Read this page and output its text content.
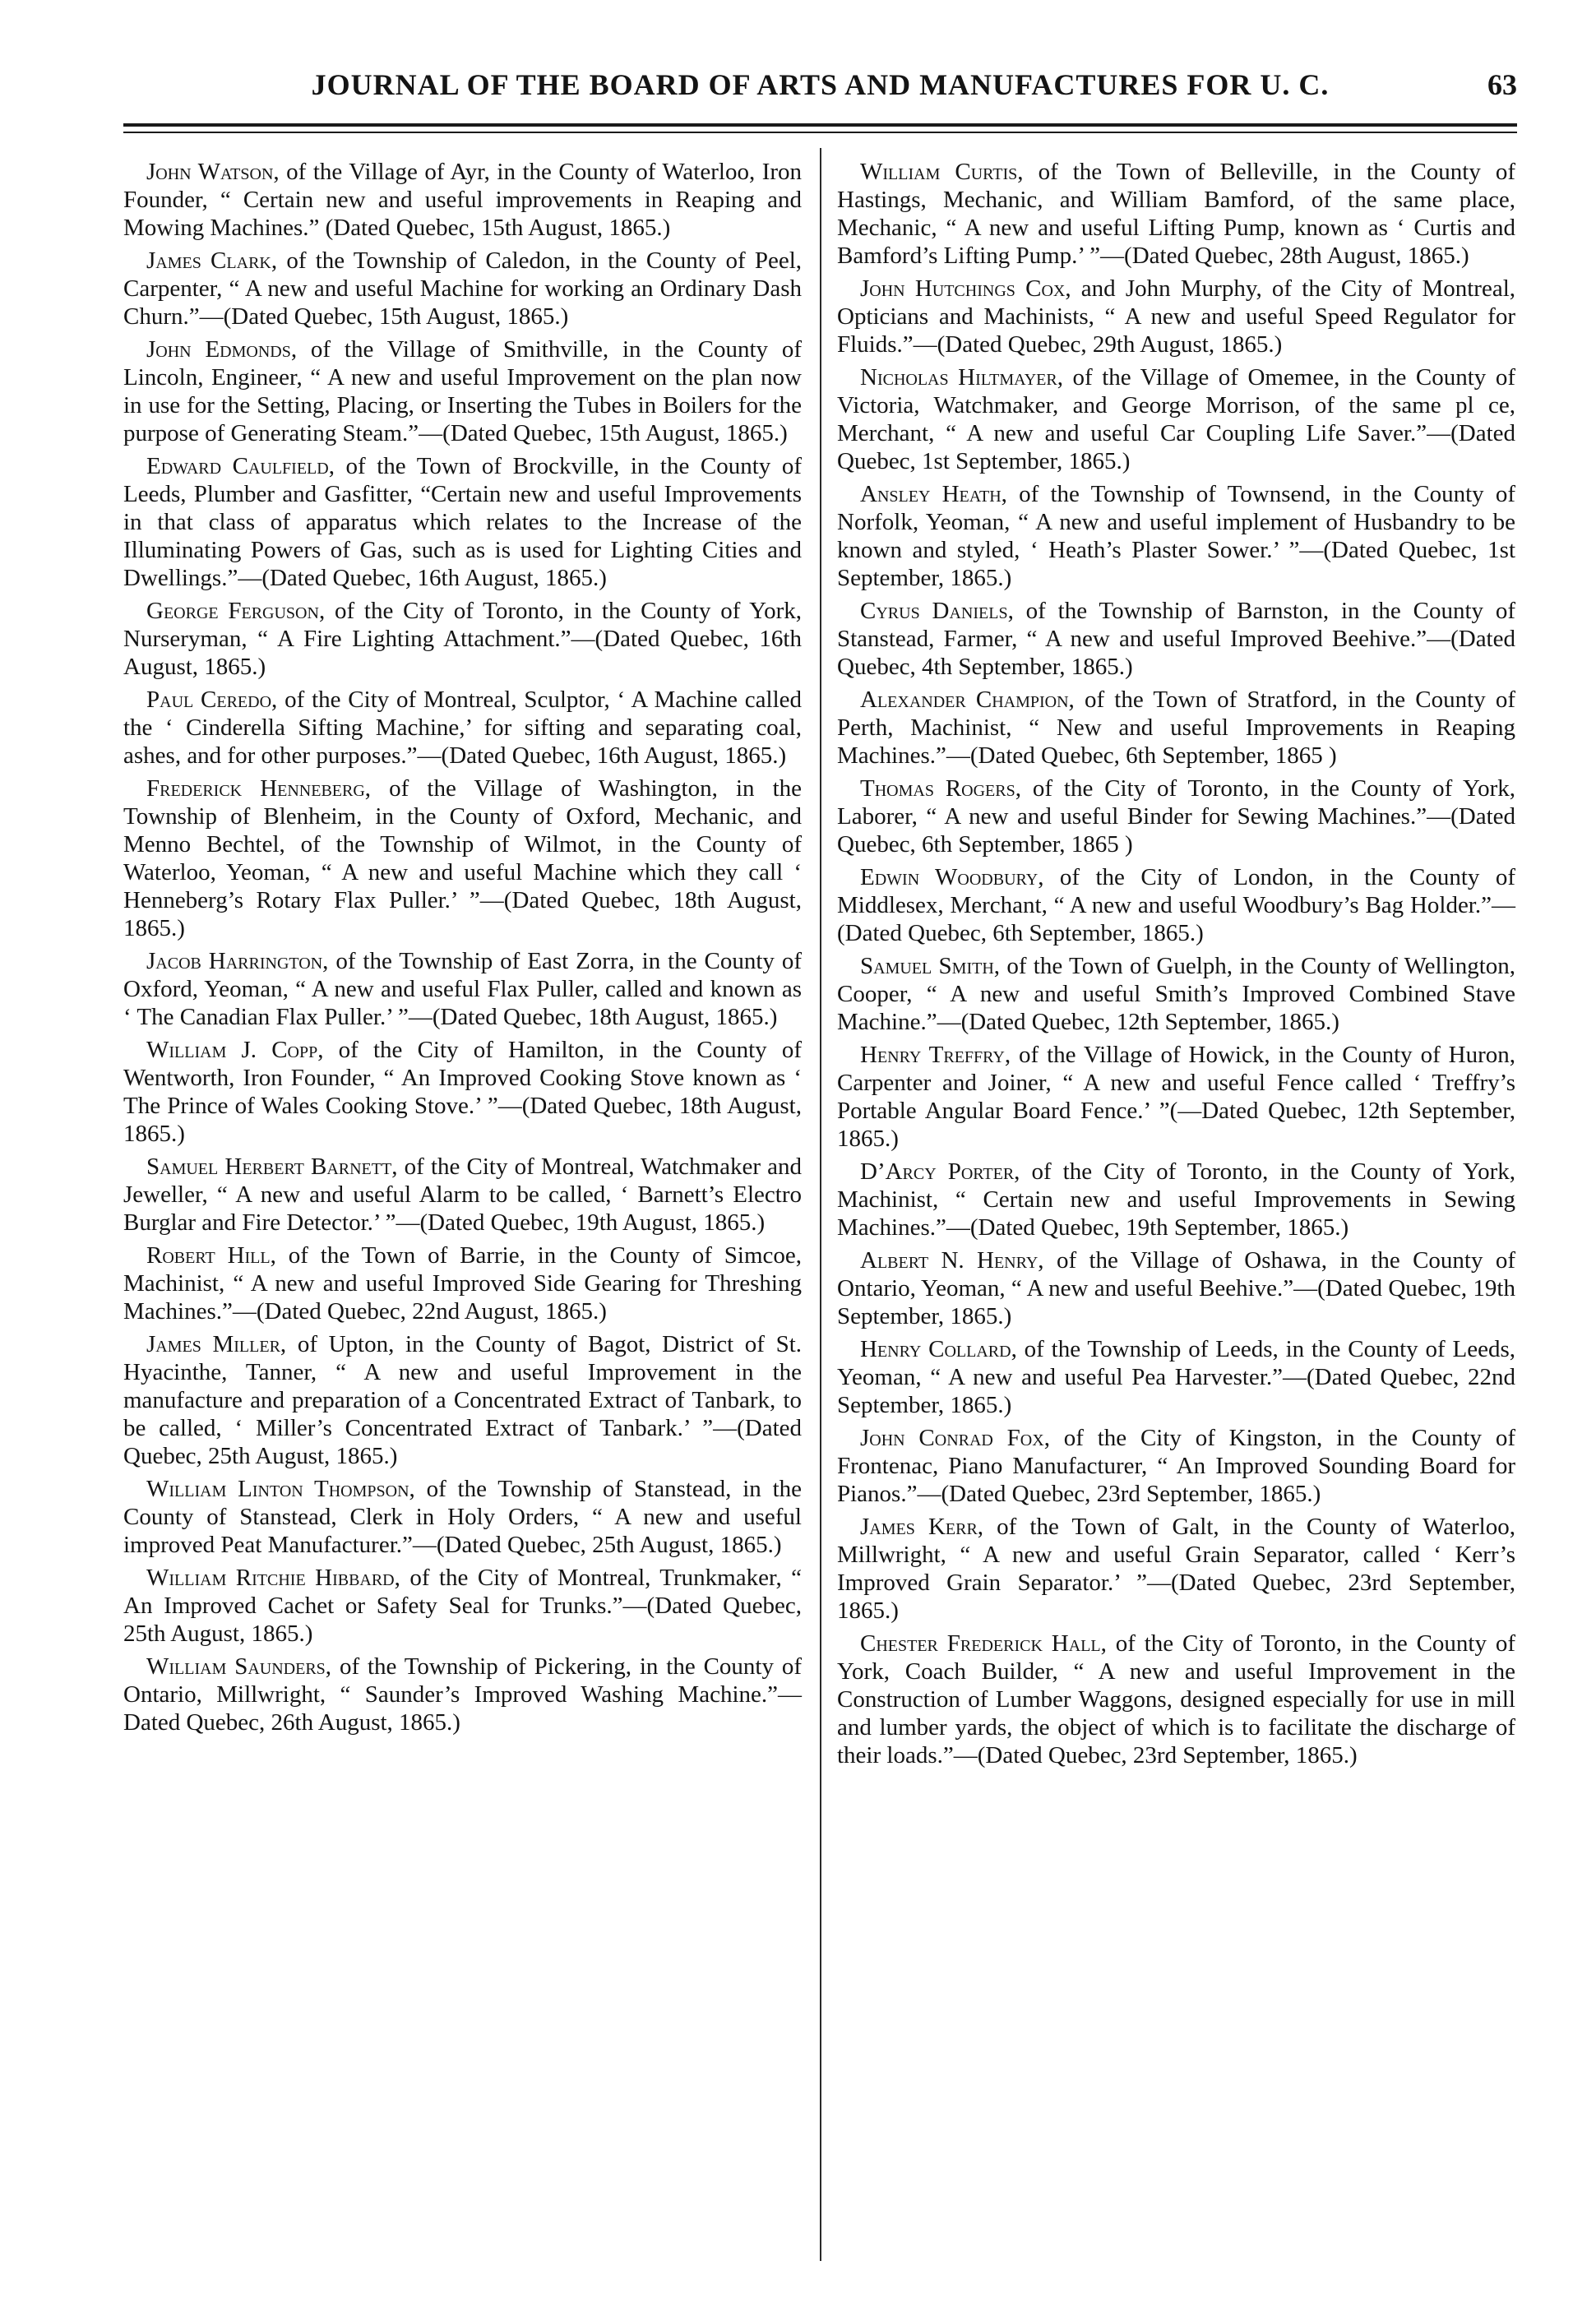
JOURNAL OF THE BOARD OF ARTS AND MANUFACTURES FOR U. C.	63

John Watson, of the Village of Ayr, in the County of Waterloo, Iron Founder, “ Certain new and useful improvements in Reaping and Mowing Machines.” (Dated Quebec, 15th August, 1865.)

James Clark, of the Township of Caledon, in the County of Peel, Carpenter, “ A new and useful Machine for working an Ordinary Dash Churn.”—(Dated Quebec, 15th August, 1865.)

John Edmonds, of the Village of Smithville, in the County of Lincoln, Engineer, “ A new and useful Improvement on the plan now in use for the Setting, Placing, or Inserting the Tubes in Boilers for the purpose of Generating Steam.”—(Dated Quebec, 15th August, 1865.)

Edward Caulfield, of the Town of Brockville, in the County of Leeds, Plumber and Gasfitter, “Certain new and useful Improvements in that class of apparatus which relates to the Increase of the Illuminating Powers of Gas, such as is used for Lighting Cities and Dwellings.”—(Dated Quebec, 16th August, 1865.)

George Ferguson, of the City of Toronto, in the County of York, Nurseryman, “ A Fire Lighting Attachment.”—(Dated Quebec, 16th August, 1865.)

Paul Ceredo, of the City of Montreal, Sculptor, ‘ A Machine called the ‘ Cinderella Sifting Machine,’ for sifting and separating coal, ashes, and for other purposes.”—(Dated Quebec, 16th August, 1865.)

Frederick Henneberg, of the Village of Washington, in the Township of Blenheim, in the County of Oxford, Mechanic, and Menno Bechtel, of the Township of Wilmot, in the County of Waterloo, Yeoman, “ A new and useful Machine which they call ‘ Henneberg’s Rotary Flax Puller.’ ”—(Dated Quebec, 18th August, 1865.)

Jacob Harrington, of the Township of East Zorra, in the County of Oxford, Yeoman, “ A new and useful Flax Puller, called and known as ‘ The Canadian Flax Puller.’ ”—(Dated Quebec, 18th August, 1865.)

William J. Copp, of the City of Hamilton, in the County of Wentworth, Iron Founder, “ An Improved Cooking Stove known as ‘ The Prince of Wales Cooking Stove.’ ”—(Dated Quebec, 18th August, 1865.)

Samuel Herbert Barnett, of the City of Montreal, Watchmaker and Jeweller, “ A new and useful Alarm to be called, ‘ Barnett’s Electro Burglar and Fire Detector.’ ”—(Dated Quebec, 19th August, 1865.)

Robert Hill, of the Town of Barrie, in the County of Simcoe, Machinist, “ A new and useful Improved Side Gearing for Threshing Machines.”—(Dated Quebec, 22nd August, 1865.)

James Miller, of Upton, in the County of Bagot, District of St. Hyacinthe, Tanner, “ A new and useful Improvement in the manufacture and preparation of a Concentrated Extract of Tanbark, to be called, ‘ Miller’s Concentrated Extract of Tanbark.’ ”—(Dated Quebec, 25th August, 1865.)

William Linton Thompson, of the Township of Stanstead, in the County of Stanstead, Clerk in Holy Orders, “ A new and useful improved Peat Manufacturer.”—(Dated Quebec, 25th August, 1865.)

William Ritchie Hibbard, of the City of Montreal, Trunkmaker, “ An Improved Cachet or Safety Seal for Trunks.”—(Dated Quebec, 25th August, 1865.)

William Saunders, of the Township of Pickering, in the County of Ontario, Millwright, “ Saunder’s Improved Washing Machine.”—Dated Quebec, 26th August, 1865.)

William Curtis, of the Town of Belleville, in the County of Hastings, Mechanic, and William Bamford, of the same place, Mechanic, “ A new and useful Lifting Pump, known as ‘ Curtis and Bamford’s Lifting Pump.’ ”—(Dated Quebec, 28th August, 1865.)

John Hutchings Cox, and John Murphy, of the City of Montreal, Opticians and Machinists, “ A new and useful Speed Regulator for Fluids.”—(Dated Quebec, 29th August, 1865.)

Nicholas Hiltmayer, of the Village of Omemee, in the County of Victoria, Watchmaker, and George Morrison, of the same pl ce, Merchant, “ A new and useful Car Coupling Life Saver.”—(Dated Quebec, 1st September, 1865.)

Ansley Heath, of the Township of Townsend, in the County of Norfolk, Yeoman, “ A new and useful implement of Husbandry to be known and styled, ‘ Heath’s Plaster Sower.’ ”—(Dated Quebec, 1st September, 1865.)

Cyrus Daniels, of the Township of Barnston, in the County of Stanstead, Farmer, “ A new and useful Improved Beehive.”—(Dated Quebec, 4th September, 1865.)

Alexander Champion, of the Town of Stratford, in the County of Perth, Machinist, “ New and useful Improvements in Reaping Machines.”—(Dated Quebec, 6th September, 1865 )

Thomas Rogers, of the City of Toronto, in the County of York, Laborer, “ A new and useful Binder for Sewing Machines.”—(Dated Quebec, 6th September, 1865 )

Edwin Woodbury, of the City of London, in the County of Middlesex, Merchant, “ A new and useful Woodbury’s Bag Holder.”—(Dated Quebec, 6th September, 1865.)

Samuel Smith, of the Town of Guelph, in the County of Wellington, Cooper, “ A new and useful Smith’s Improved Combined Stave Machine.”—(Dated Quebec, 12th September, 1865.)

Henry Treffry, of the Village of Howick, in the County of Huron, Carpenter and Joiner, “ A new and useful Fence called ‘ Treffry’s Portable Angular Board Fence.’ ”(—Dated Quebec, 12th September, 1865.)

D’Arcy Porter, of the City of Toronto, in the County of York, Machinist, “ Certain new and useful Improvements in Sewing Machines.”—(Dated Quebec, 19th September, 1865.)

Albert N. Henry, of the Village of Oshawa, in the County of Ontario, Yeoman, “ A new and useful Beehive.”—(Dated Quebec, 19th September, 1865.)

Henry Collard, of the Township of Leeds, in the County of Leeds, Yeoman, “ A new and useful Pea Harvester.”—(Dated Quebec, 22nd September, 1865.)

John Conrad Fox, of the City of Kingston, in the County of Frontenac, Piano Manufacturer, “ An Improved Sounding Board for Pianos.”—(Dated Quebec, 23rd September, 1865.)

James Kerr, of the Town of Galt, in the County of Waterloo, Millwright, “ A new and useful Grain Separator, called ‘ Kerr’s Improved Grain Separator.’ ”—(Dated Quebec, 23rd September, 1865.)

Chester Frederick Hall, of the City of Toronto, in the County of York, Coach Builder, “ A new and useful Improvement in the Construction of Lumber Waggons, designed especially for use in mill and lumber yards, the object of which is to facilitate the discharge of their loads.”—(Dated Quebec, 23rd September, 1865.)
